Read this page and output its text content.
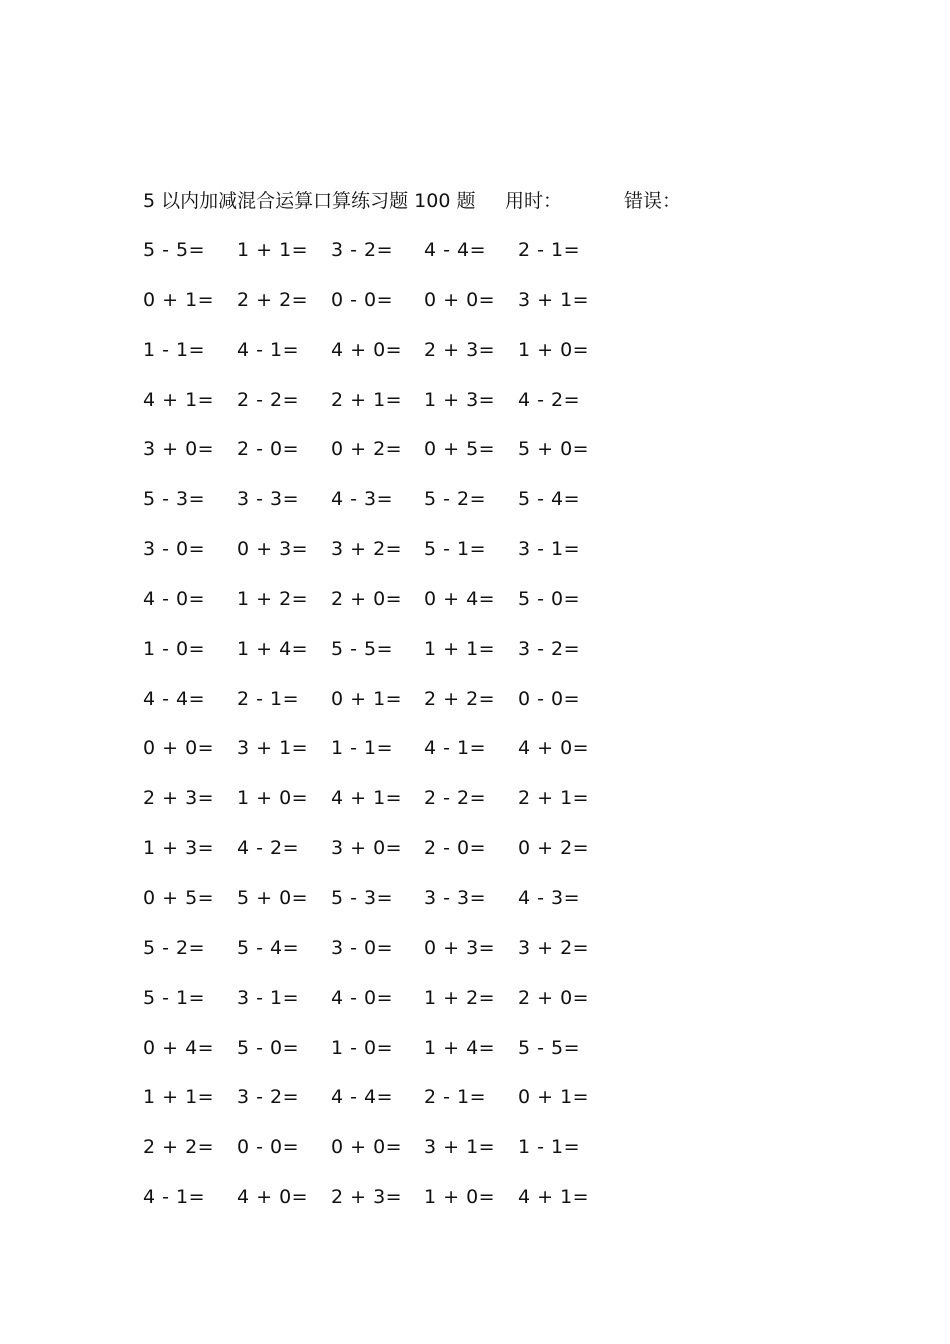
5 以内加减混合运算口算练习题 100 题 用时：	错误：
5 - 5= 1 + 1= 3 - 2= 4 - 4= 2 - 1=
0 + 1= 2 + 2= 0 - 0= 0 + 0= 3 + 1=
1 - 1= 4 - 1= 4 + 0= 2 + 3= 1 + 0=
4 + 1= 2 - 2= 2 + 1= 1 + 3= 4 - 2=
3 + 0= 2 - 0= 0 + 2= 0 + 5= 5 + 0=
5 - 3= 3 - 3= 4 - 3= 5 - 2= 5 - 4=
3 - 0= 0 + 3= 3 + 2= 5 - 1= 3 - 1=
4 - 0= 1 + 2= 2 + 0= 0 + 4= 5 - 0=
1 - 0= 1 + 4= 5 - 5= 1 + 1= 3 - 2=
4 - 4= 2 - 1= 0 + 1= 2 + 2= 0 - 0=
0 + 0= 3 + 1= 1 - 1= 4 - 1= 4 + 0=
2 + 3= 1 + 0= 4 + 1= 2 - 2= 2 + 1=
1 + 3= 4 - 2= 3 + 0= 2 - 0= 0 + 2=
0 + 5= 5 + 0= 5 - 3= 3 - 3= 4 - 3=
5 - 2= 5 - 4= 3 - 0= 0 + 3= 3 + 2=
5 - 1= 3 - 1= 4 - 0= 1 + 2= 2 + 0=
0 + 4= 5 - 0= 1 - 0= 1 + 4= 5 - 5=
1 + 1= 3 - 2= 4 - 4= 2 - 1= 0 + 1=
2 + 2= 0 - 0= 0 + 0= 3 + 1= 1 - 1=
4 - 1= 4 + 0= 2 + 3= 1 + 0= 4 + 1=
